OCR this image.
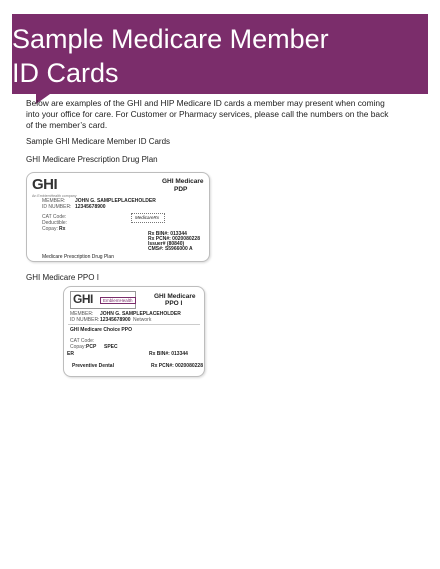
Sample Medicare Member
ID Cards
Below are examples of the GHI and HIP Medicare ID cards a member may present when coming
into your office for care. For Customer or Pharmacy services, please call the numbers on the back
of the member’s card.
Sample GHI Medicare Member ID Cards
GHI Medicare Prescription Drug Plan
GHI
An EmblemHealth company
GHI Medicare
PDP
MEMBER: JOHN G. SAMPLEPLACEHOLDER
ID NUMBER: 12345678900
CAT Code:
Deductible:
Copay: Rx
MedicareRx
Rx BIN#: 013344
Rx PCN#: 0020080228
Issuer# (80840)
CMS#: S5966000 A
Medicare Prescription Drug Plan
GHI Medicare PPO I
GHI	EmblemHealth
GHI Medicare
PPO I
MEMBER: JOHN G. SAMPLEPLACEHOLDER
ID NUMBER: 12345678900 Network
GHI Medicare Choice PPO
CAT Code:
Copay: PCP SPEC
ER	Rx BIN#: 013344
Preventive Dental	Rx PCN#: 0020080228
